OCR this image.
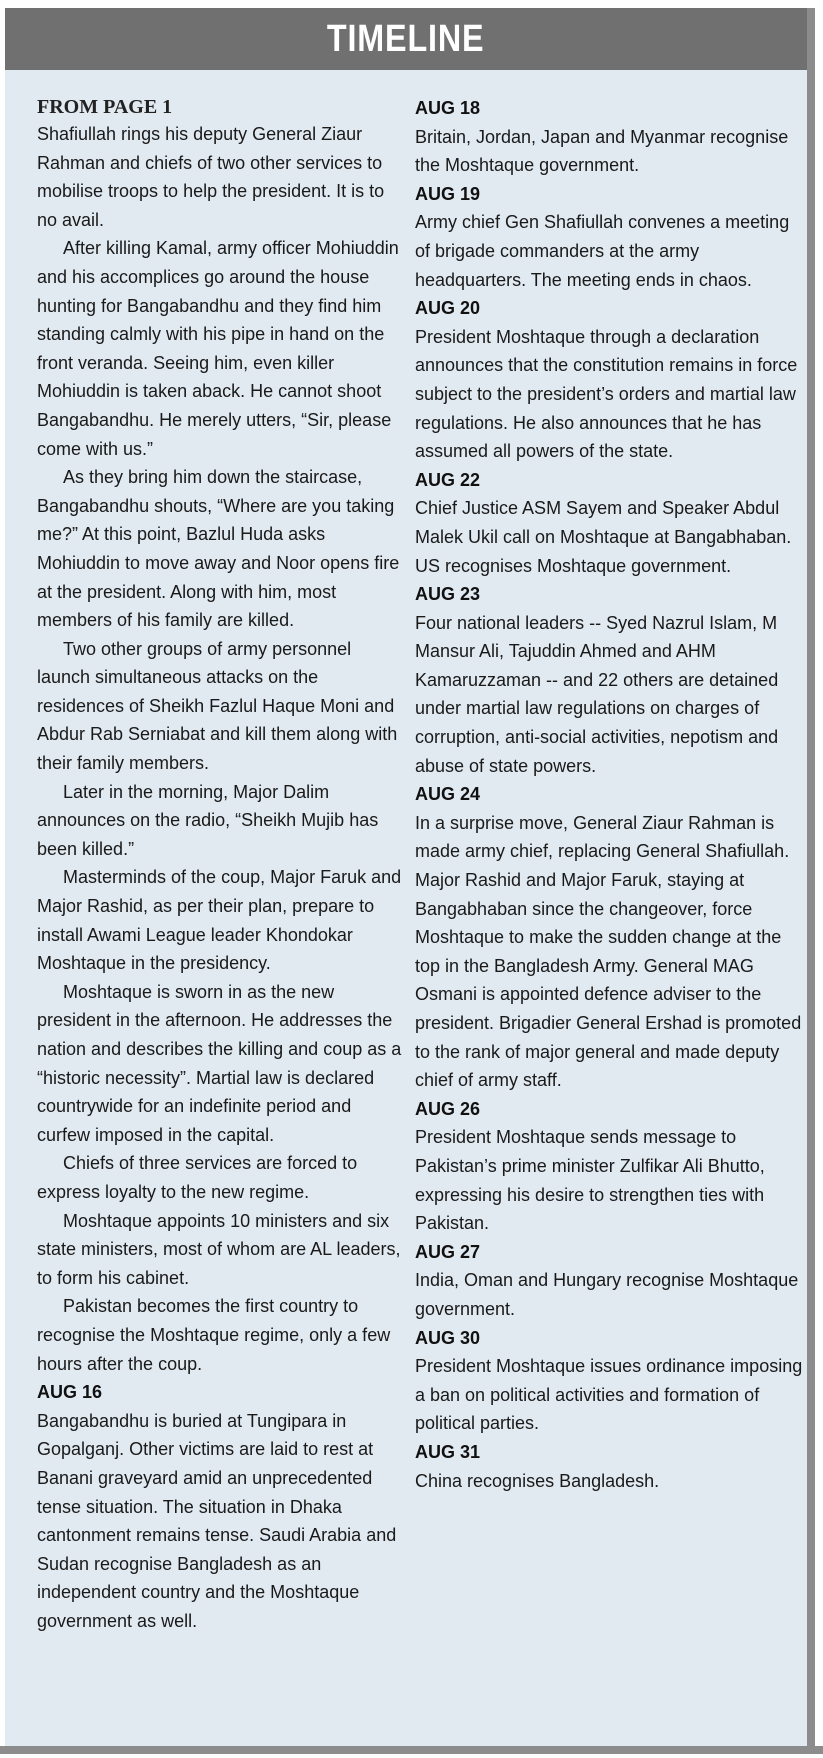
TIMELINE

FROM PAGE 1

Shafiullah rings his deputy General Ziaur Rahman and chiefs of two other services to mobilise troops to help the president. It is to no avail.

After killing Kamal, army officer Mohiuddin and his accomplices go around the house hunting for Bangabandhu and they find him standing calmly with his pipe in hand on the front veranda. Seeing him, even killer Mohiuddin is taken aback. He cannot shoot Bangabandhu. He merely utters, “Sir, please come with us.”

As they bring him down the staircase, Bangabandhu shouts, “Where are you taking me?” At this point, Bazlul Huda asks Mohiuddin to move away and Noor opens fire at the president. Along with him, most members of his family are killed.

Two other groups of army personnel launch simultaneous attacks on the residences of Sheikh Fazlul Haque Moni and Abdur Rab Serniabat and kill them along with their family members.

Later in the morning, Major Dalim announces on the radio, “Sheikh Mujib has been killed.”

Masterminds of the coup, Major Faruk and Major Rashid, as per their plan, prepare to install Awami League leader Khondokar Moshtaque in the presidency.

Moshtaque is sworn in as the new president in the afternoon. He addresses the nation and describes the killing and coup as a “historic necessity”. Martial law is declared countrywide for an indefinite period and curfew imposed in the capital.

Chiefs of three services are forced to express loyalty to the new regime.

Moshtaque appoints 10 ministers and six state ministers, most of whom are AL leaders, to form his cabinet.

Pakistan becomes the first country to recognise the Moshtaque regime, only a few hours after the coup.

AUG 16

Bangabandhu is buried at Tungipara in Gopalganj. Other victims are laid to rest at Banani graveyard amid an unprecedented tense situation. The situation in Dhaka cantonment remains tense. Saudi Arabia and Sudan recognise Bangladesh as an independent country and the Moshtaque government as well.

AUG 18

Britain, Jordan, Japan and Myanmar recognise the Moshtaque government.

AUG 19

Army chief Gen Shafiullah convenes a meeting of brigade commanders at the army headquarters. The meeting ends in chaos.

AUG 20

President Moshtaque through a declaration announces that the constitution remains in force subject to the president’s orders and martial law regulations. He also announces that he has assumed all powers of the state.

AUG 22

Chief Justice ASM Sayem and Speaker Abdul Malek Ukil call on Moshtaque at Bangabhaban. US recognises Moshtaque government.

AUG 23

Four national leaders -- Syed Nazrul Islam, M Mansur Ali, Tajuddin Ahmed and AHM Kamaruzzaman -- and 22 others are detained under martial law regulations on charges of corruption, anti-social activities, nepotism and abuse of state powers.

AUG 24

In a surprise move, General Ziaur Rahman is made army chief, replacing General Shafiullah. Major Rashid and Major Faruk, staying at Bangabhaban since the changeover, force Moshtaque to make the sudden change at the top in the Bangladesh Army. General MAG Osmani is appointed defence adviser to the president. Brigadier General Ershad is promoted to the rank of major general and made deputy chief of army staff.

AUG 26

President Moshtaque sends message to Pakistan’s prime minister Zulfikar Ali Bhutto, expressing his desire to strengthen ties with Pakistan.

AUG 27

India, Oman and Hungary recognise Moshtaque government.

AUG 30

President Moshtaque issues ordinance imposing a ban on political activities and formation of political parties.

AUG 31

China recognises Bangladesh.
